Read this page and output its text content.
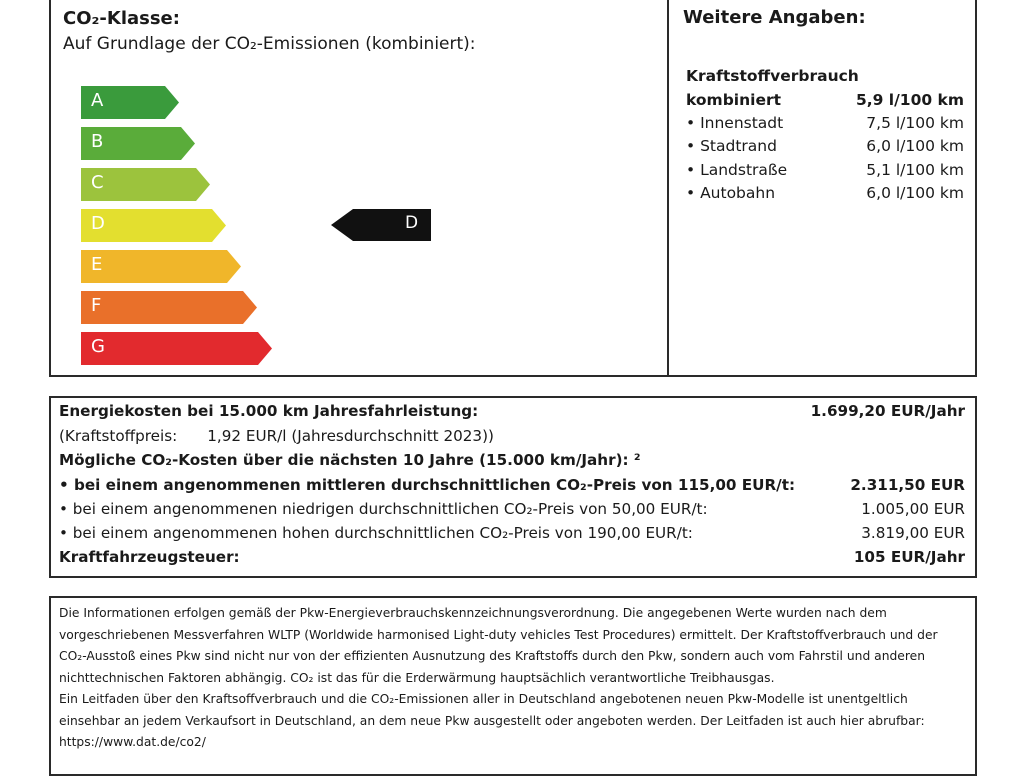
CO₂-Klasse:
Auf Grundlage der CO₂-Emissionen (kombiniert):
A
B
C
D
E
F
G
D
Weitere Angaben:
Kraftstoffverbrauch
kombiniert	5,9 l/100 km
• Innenstadt	7,5 l/100 km
• Stadtrand	6,0 l/100 km
• Landstraße	5,1 l/100 km
• Autobahn	6,0 l/100 km
Energiekosten bei 15.000 km Jahresfahrleistung:	1.699,20 EUR/Jahr
(Kraftstoffpreis: 1,92 EUR/l (Jahresdurchschnitt 2023))
Mögliche CO₂-Kosten über die nächsten 10 Jahre (15.000 km/Jahr): ²
• bei einem angenommenen mittleren durchschnittlichen CO₂-Preis von 115,00 EUR/t:	2.311,50 EUR
• bei einem angenommenen niedrigen durchschnittlichen CO₂-Preis von 50,00 EUR/t:	1.005,00 EUR
• bei einem angenommenen hohen durchschnittlichen CO₂-Preis von 190,00 EUR/t:	3.819,00 EUR
Kraftfahrzeugsteuer:	105 EUR/Jahr

Die Informationen erfolgen gemäß der Pkw-Energieverbrauchskennzeichnungsverordnung. Die angegebenen Werte wurden nach dem vorgeschriebenen Messverfahren WLTP (Worldwide harmonised Light-duty vehicles Test Procedures) ermittelt. Der Kraftstoffverbrauch und der CO₂-Ausstoß eines Pkw sind nicht nur von der effizienten Ausnutzung des Kraftstoffs durch den Pkw, sondern auch vom Fahrstil und anderen nichttechnischen Faktoren abhängig. CO₂ ist das für die Erderwärmung hauptsächlich verantwortliche Treibhausgas.

Ein Leitfaden über den Kraftsoffverbrauch und die CO₂-Emissionen aller in Deutschland angebotenen neuen Pkw-Modelle ist unentgeltlich einsehbar an jedem Verkaufsort in Deutschland, an dem neue Pkw ausgestellt oder angeboten werden. Der Leitfaden ist auch hier abrufbar: https://www.dat.de/co2/
